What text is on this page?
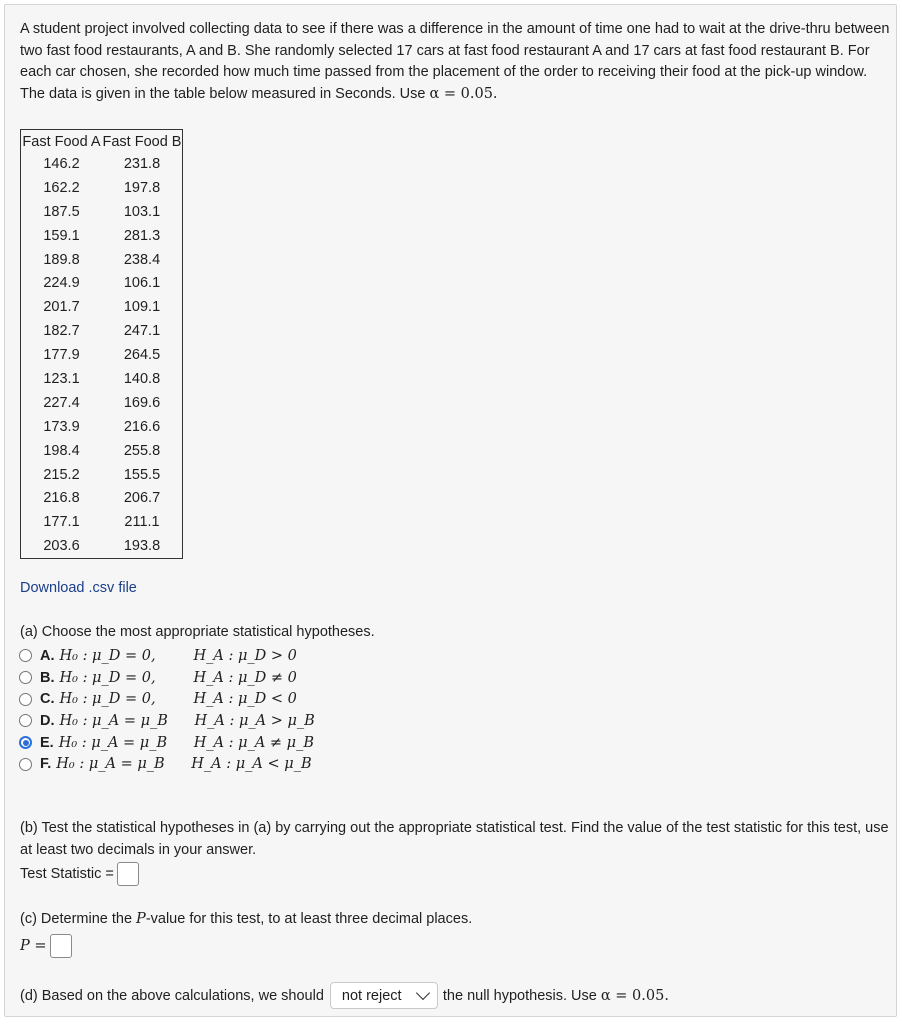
A student project involved collecting data to see if there was a difference in the amount of time one had to wait at the drive-thru between two fast food restaurants, A and B. She randomly selected 17 cars at fast food restaurant A and 17 cars at fast food restaurant B. For each car chosen, she recorded how much time passed from the placement of the order to receiving their food at the pick-up window. The data is given in the table below measured in Seconds. Use α = 0.05.

Fast Food A	Fast Food B
146.2	231.8
162.2	197.8
187.5	103.1
159.1	281.3
189.8	238.4
224.9	106.1
201.7	109.1
182.7	247.1
177.9	264.5
123.1	140.8
227.4	169.6
173.9	216.6
198.4	255.8
215.2	155.5
216.8	206.7
177.1	211.1
203.6	193.8
Download .csv file
(a) Choose the most appropriate statistical hypotheses.
A. H₀ : μ_D = 0,	H_A : μ_D > 0
B. H₀ : μ_D = 0,	H_A : μ_D ≠ 0
C. H₀ : μ_D = 0,	H_A : μ_D < 0
D. H₀ : μ_A = μ_B	H_A : μ_A > μ_B
E. H₀ : μ_A = μ_B	H_A : μ_A ≠ μ_B
F. H₀ : μ_A = μ_B	H_A : μ_A < μ_B
(b) Test the statistical hypotheses in (a) by carrying out the appropriate statistical test. Find the value of the test statistic for this test, use at least two decimals in your answer.
Test Statistic =
(c) Determine the P-value for this test, to at least three decimal places.
P =
(d) Based on the above calculations, we should not reject	the null hypothesis. Use
α = 0.05.
